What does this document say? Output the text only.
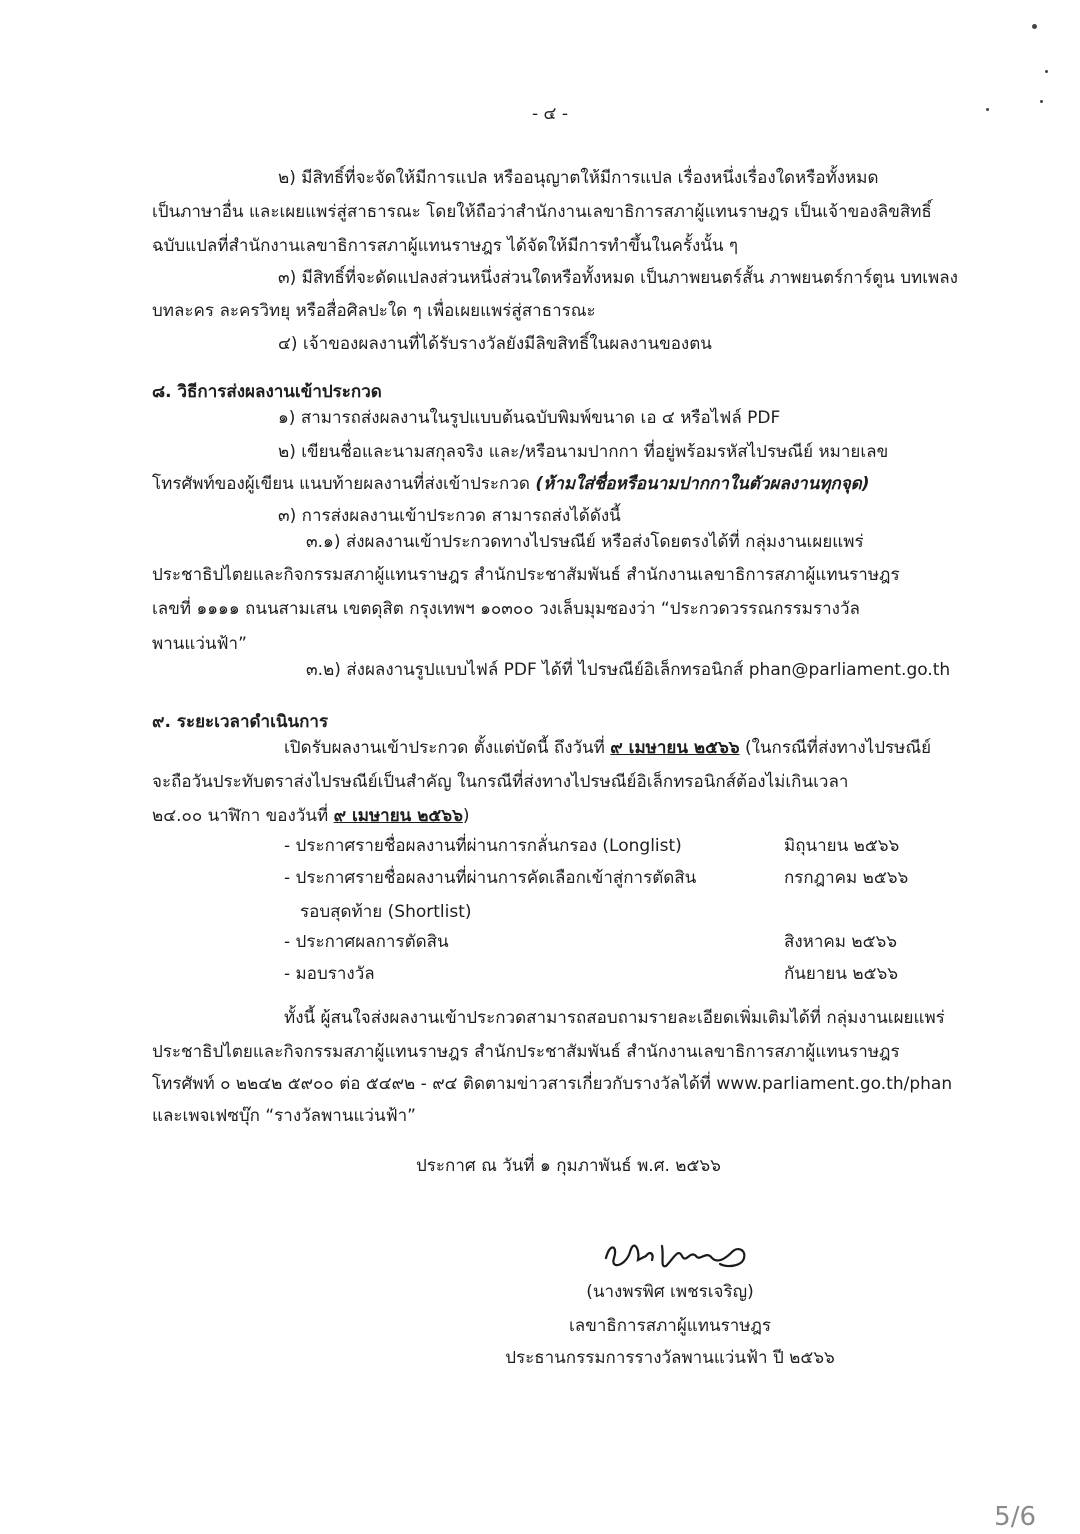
- ๔ -
๒) มีสิทธิ์ที่จะจัดให้มีการแปล หรืออนุญาตให้มีการแปล เรื่องหนึ่งเรื่องใดหรือทั้งหมด
เป็นภาษาอื่น และเผยแพร่สู่สาธารณะ โดยให้ถือว่าสำนักงานเลขาธิการสภาผู้แทนราษฎร เป็นเจ้าของลิขสิทธิ์
ฉบับแปลที่สำนักงานเลขาธิการสภาผู้แทนราษฎร ได้จัดให้มีการทำขึ้นในครั้งนั้น ๆ
๓) มีสิทธิ์ที่จะดัดแปลงส่วนหนึ่งส่วนใดหรือทั้งหมด เป็นภาพยนตร์สั้น ภาพยนตร์การ์ตูน บทเพลง
บทละคร ละครวิทยุ หรือสื่อศิลปะใด ๆ เพื่อเผยแพร่สู่สาธารณะ
๔) เจ้าของผลงานที่ได้รับรางวัลยังมีลิขสิทธิ์ในผลงานของตน
๘. วิธีการส่งผลงานเข้าประกวด
๑) สามารถส่งผลงานในรูปแบบต้นฉบับพิมพ์ขนาด เอ ๔ หรือไฟล์ PDF
๒) เขียนชื่อและนามสกุลจริง และ/หรือนามปากกา ที่อยู่พร้อมรหัสไปรษณีย์ หมายเลข
โทรศัพท์ของผู้เขียน แนบท้ายผลงานที่ส่งเข้าประกวด (ห้ามใส่ชื่อหรือนามปากกาในตัวผลงานทุกจุด)
๓) การส่งผลงานเข้าประกวด สามารถส่งได้ดังนี้
๓.๑) ส่งผลงานเข้าประกวดทางไปรษณีย์ หรือส่งโดยตรงได้ที่ กลุ่มงานเผยแพร่
ประชาธิปไตยและกิจกรรมสภาผู้แทนราษฎร สำนักประชาสัมพันธ์ สำนักงานเลขาธิการสภาผู้แทนราษฎร
เลขที่ ๑๑๑๑ ถนนสามเสน เขตดุสิต กรุงเทพฯ ๑๐๓๐๐ วงเล็บมุมซองว่า “ประกวดวรรณกรรมรางวัล
พานแว่นฟ้า”
๓.๒) ส่งผลงานรูปแบบไฟล์ PDF ได้ที่ ไปรษณีย์อิเล็กทรอนิกส์ phan@parliament.go.th
๙. ระยะเวลาดำเนินการ
เปิดรับผลงานเข้าประกวด ตั้งแต่บัดนี้ ถึงวันที่ ๙ เมษายน ๒๕๖๖ (ในกรณีที่ส่งทางไปรษณีย์
จะถือวันประทับตราส่งไปรษณีย์เป็นสำคัญ ในกรณีที่ส่งทางไปรษณีย์อิเล็กทรอนิกส์ต้องไม่เกินเวลา
๒๔.๐๐ นาฬิกา ของวันที่ ๙ เมษายน ๒๕๖๖)
- ประกาศรายชื่อผลงานที่ผ่านการกลั่นกรอง (Longlist)	มิถุนายน ๒๕๖๖
- ประกาศรายชื่อผลงานที่ผ่านการคัดเลือกเข้าสู่การตัดสิน	กรกฎาคม ๒๕๖๖
รอบสุดท้าย (Shortlist)
- ประกาศผลการตัดสิน	สิงหาคม ๒๕๖๖
- มอบรางวัล	กันยายน ๒๕๖๖
ทั้งนี้ ผู้สนใจส่งผลงานเข้าประกวดสามารถสอบถามรายละเอียดเพิ่มเติมได้ที่ กลุ่มงานเผยแพร่
ประชาธิปไตยและกิจกรรมสภาผู้แทนราษฎร สำนักประชาสัมพันธ์ สำนักงานเลขาธิการสภาผู้แทนราษฎร
โทรศัพท์ ๐ ๒๒๔๒ ๕๙๐๐ ต่อ ๕๔๙๒ - ๙๔ ติดตามข่าวสารเกี่ยวกับรางวัลได้ที่ www.parliament.go.th/phan
และเพจเฟซบุ๊ก “รางวัลพานแว่นฟ้า”
ประกาศ ณ วันที่ ๑ กุมภาพันธ์ พ.ศ. ๒๕๖๖
(นางพรพิศ เพชรเจริญ)
เลขาธิการสภาผู้แทนราษฎร
ประธานกรรมการรางวัลพานแว่นฟ้า ปี ๒๕๖๖
5/6
